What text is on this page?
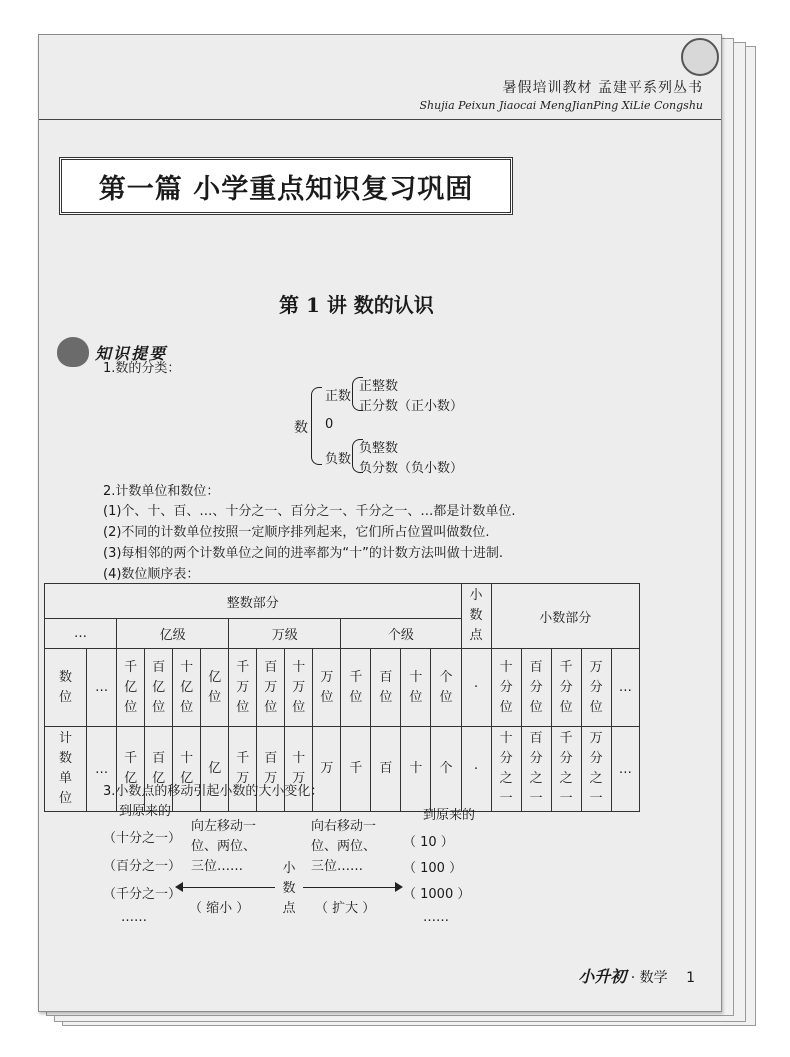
暑假培训教材 孟建平系列丛书
Shujia Peixun Jiaocai MengJianPing XiLie Congshu
第一篇 小学重点知识复习巩固
第 1 讲 数的认识
知识提要
1.数的分类：
数
正数
0
负数
正整数
正分数（正小数）
负整数
负分数（负小数）
2.计数单位和数位：
(1)个、十、百、…、十分之一、百分之一、千分之一、…都是计数单位.
(2)不同的计数单位按照一定顺序排列起来，它们所占位置叫做数位.
(3)每相邻的两个计数单位之间的进率都为“十”的计数方法叫做十进制.
(4)数位顺序表：
整数部分														小数点	小数部分				
…		亿级				万级				个级									
数位	…	千亿位	百亿位	十亿位	亿位	千万位	百万位	十万位	万位	千位	百位	十位	个位	·	十分位	百分位	千分位	万分位	…
计数单位	…	千亿	百亿	十亿	亿	千万	百万	十万	万	千	百	十	个	·	十分之一	百分之一	千分之一	万分之一	…
3.小数点的移动引起小数的大小变化：
到原来的
（十分之一）
（百分之一）
（千分之一）
……
向左移动一
位、两位、
三位……	小数点
向右移动一
位、两位、
三位……
（ 缩小 ）	（ 扩大 ）
到原来的
（ 10 ）
（ 100 ）
（ 1000 ）
……
小升初 · 数学 1
